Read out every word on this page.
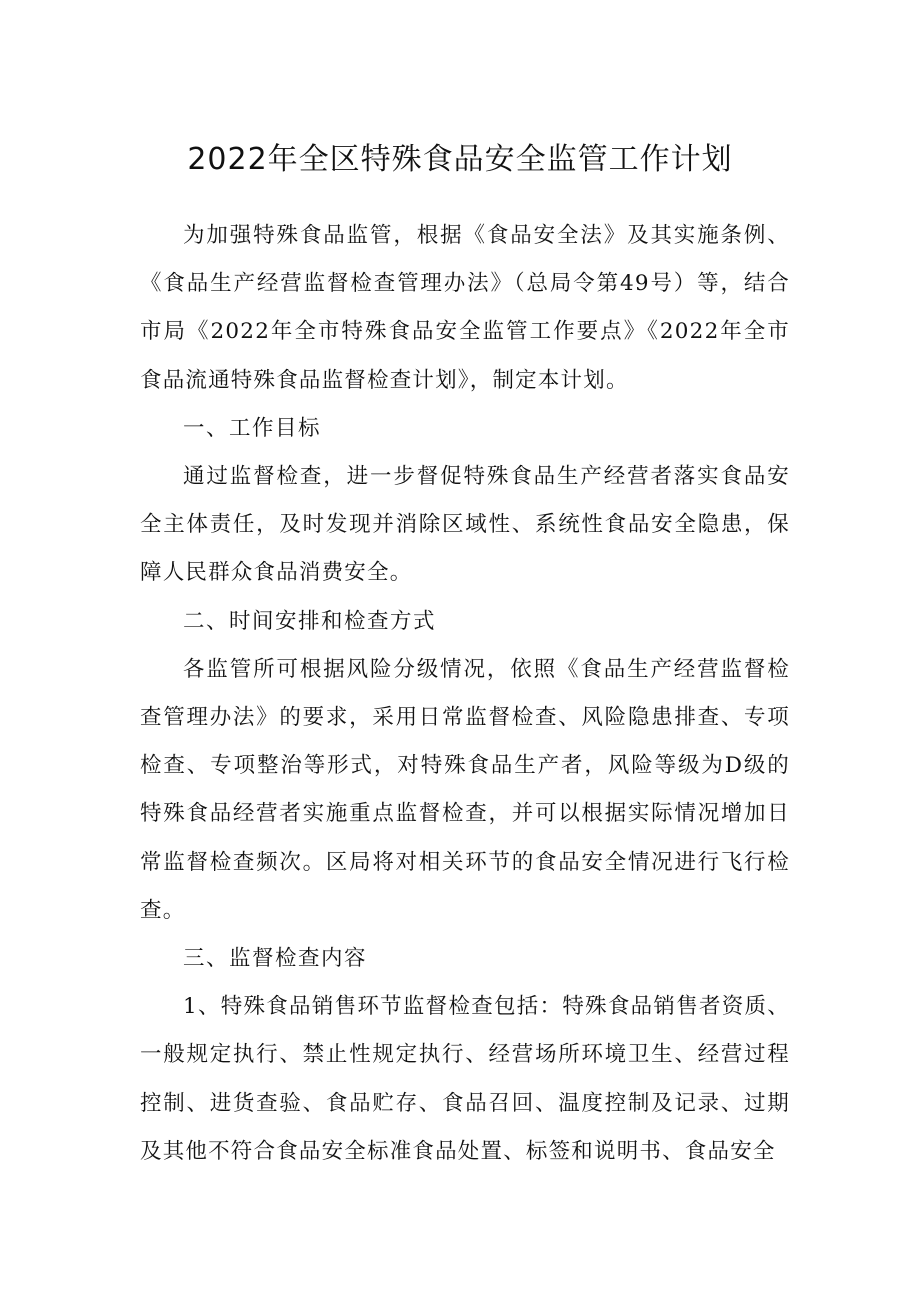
2022年全区特殊食品安全监管工作计划

为加强特殊食品监管，根据《食品安全法》及其实施条例、《食品生产经营监督检查管理办法》（总局令第49号）等，结合市局《2022年全市特殊食品安全监管工作要点》《2022年全市食品流通特殊食品监督检查计划》，制定本计划。

一、工作目标

通过监督检查，进一步督促特殊食品生产经营者落实食品安全主体责任，及时发现并消除区域性、系统性食品安全隐患，保障人民群众食品消费安全。

二、时间安排和检查方式

各监管所可根据风险分级情况，依照《食品生产经营监督检查管理办法》的要求，采用日常监督检查、风险隐患排查、专项检查、专项整治等形式，对特殊食品生产者，风险等级为D级的特殊食品经营者实施重点监督检查，并可以根据实际情况增加日常监督检查频次。区局将对相关环节的食品安全情况进行飞行检查。

三、监督检查内容

1、特殊食品销售环节监督检查包括：特殊食品销售者资质、一般规定执行、禁止性规定执行、经营场所环境卫生、经营过程控制、进货查验、食品贮存、食品召回、温度控制及记录、过期及其他不符合食品安全标准食品处置、标签和说明书、食品安全
